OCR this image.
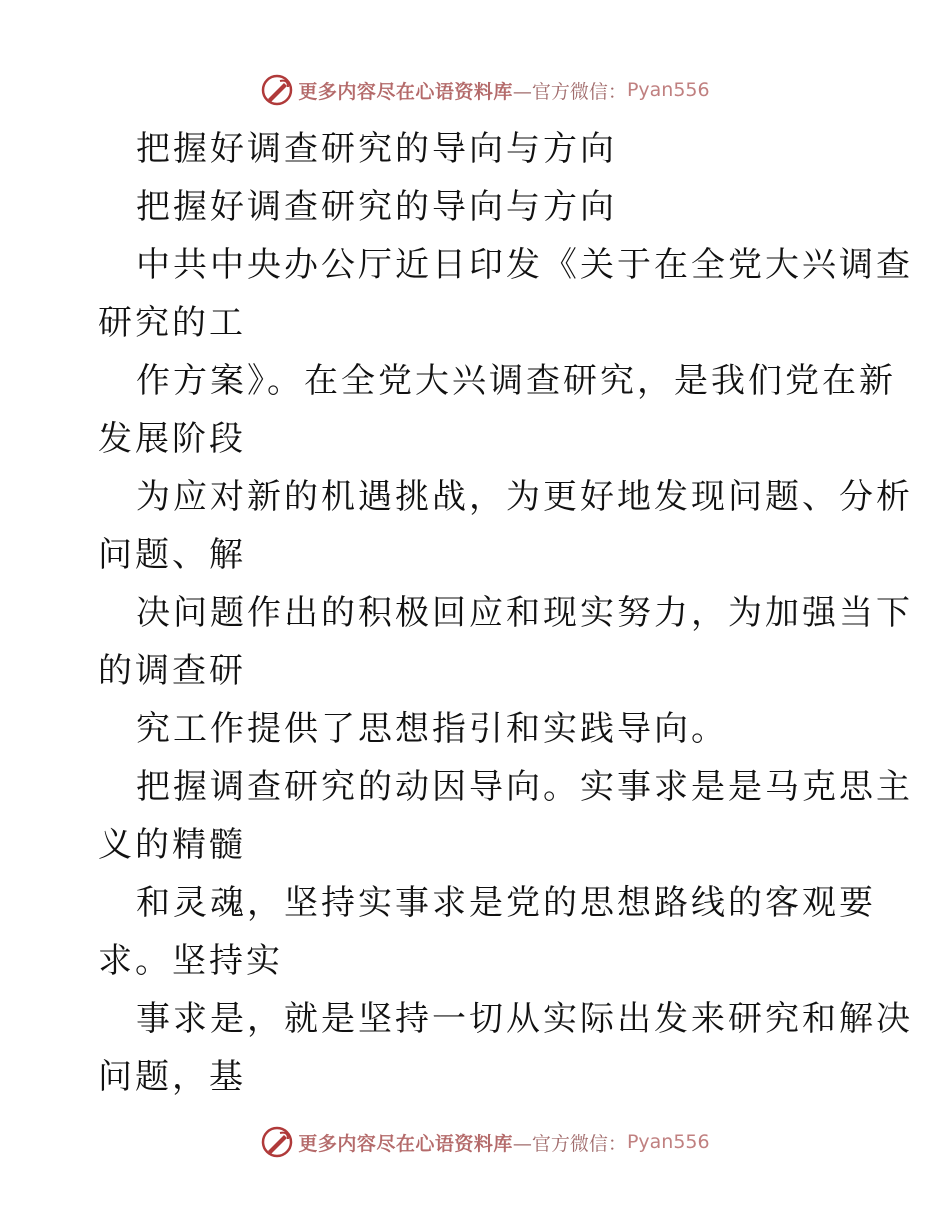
更多内容尽在心语资料库 —官方微信： Pyan556
把握好调查研究的导向与方向
把握好调查研究的导向与方向
中共中央办公厅近日印发《关于在全党大兴调查
研究的工
作方案》。在全党大兴调查研究，是我们党在新
发展阶段
为应对新的机遇挑战，为更好地发现问题、分析
问题、解
决问题作出的积极回应和现实努力，为加强当下
的调查研
究工作提供了思想指引和实践导向。
把握调查研究的动因导向。实事求是是马克思主
义的精髓
和灵魂，坚持实事求是党的思想路线的客观要
求。坚持实
事求是，就是坚持一切从实际出发来研究和解决
问题，基
更多内容尽在心语资料库 —官方微信： Pyan556
